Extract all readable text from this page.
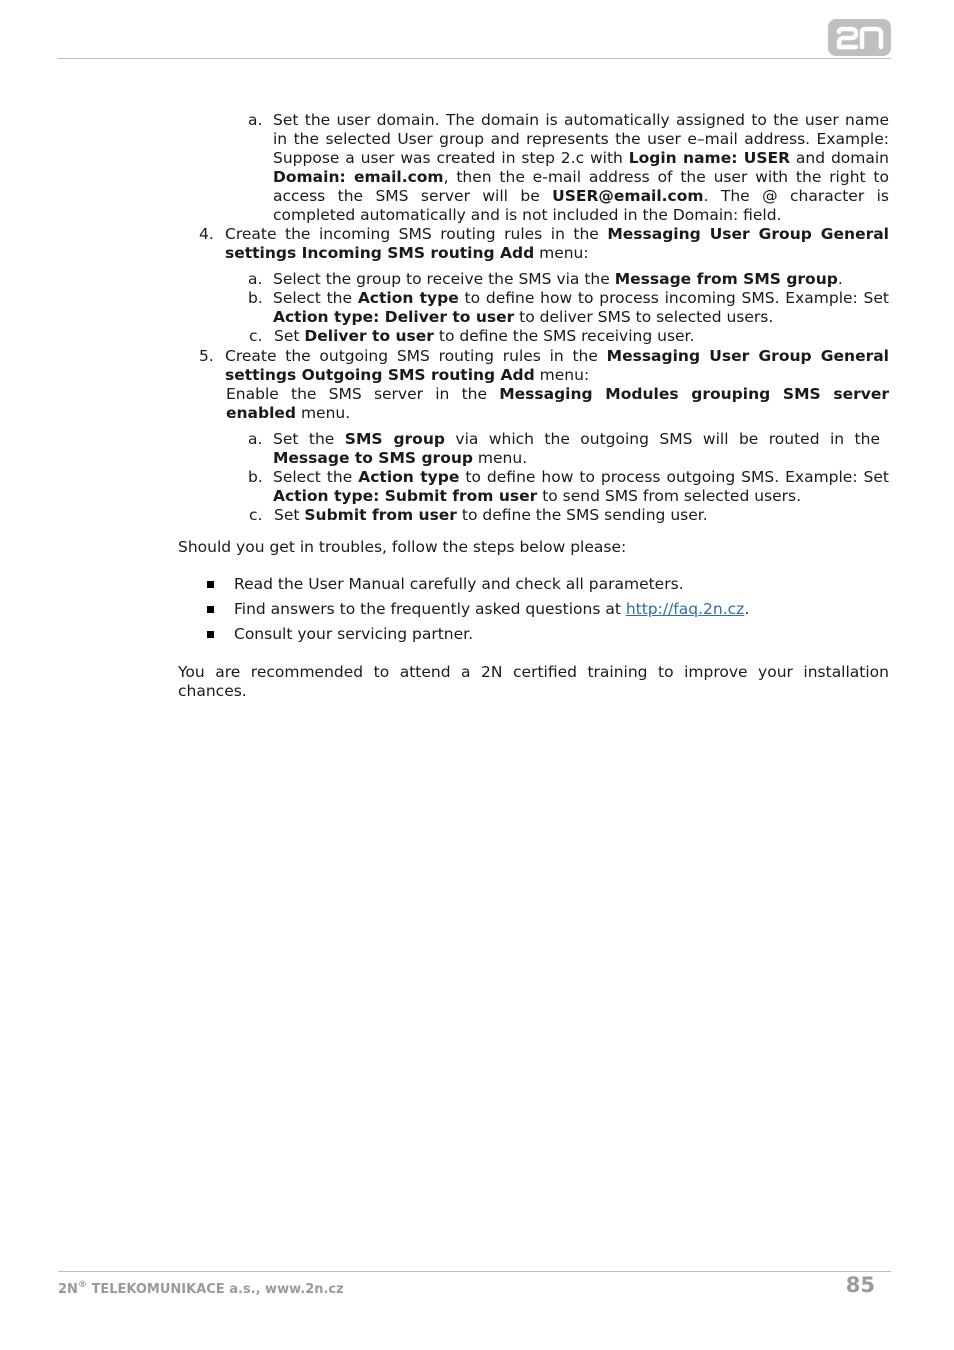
a. Set the user domain. The domain is automatically assigned to the user name in the selected User group and represents the user e–mail address. Example: Suppose a user was created in step 2.c with Login name: USER and domain Domain: email.com, then the e-mail address of the user with the right to access the SMS server will be USER@email.com. The @ character is completed automatically and is not included in the Domain: field.
4. Create the incoming SMS routing rules in the Messaging User Group General settings Incoming SMS routing Add menu:
a. Select the group to receive the SMS via the Message from SMS group.
b. Select the Action type to define how to process incoming SMS. Example: Set Action type: Deliver to user to deliver SMS to selected users.
c. Set Deliver to user to define the SMS receiving user.
5. Create the outgoing SMS routing rules in the Messaging User Group General settings Outgoing SMS routing Add menu:
Enable the SMS server in the Messaging Modules grouping SMS server enabled menu.
a. Set the SMS group via which the outgoing SMS will be routed in the Message to SMS group menu.
b. Select the Action type to define how to process outgoing SMS. Example: Set Action type: Submit from user to send SMS from selected users.
c. Set Submit from user to define the SMS sending user.
Should you get in troubles, follow the steps below please:
Read the User Manual carefully and check all parameters.
Find answers to the frequently asked questions at http://faq.2n.cz.
Consult your servicing partner.
You are recommended to attend a 2N certified training to improve your installation chances.
2N® TELEKOMUNIKACE a.s., www.2n.cz	85
